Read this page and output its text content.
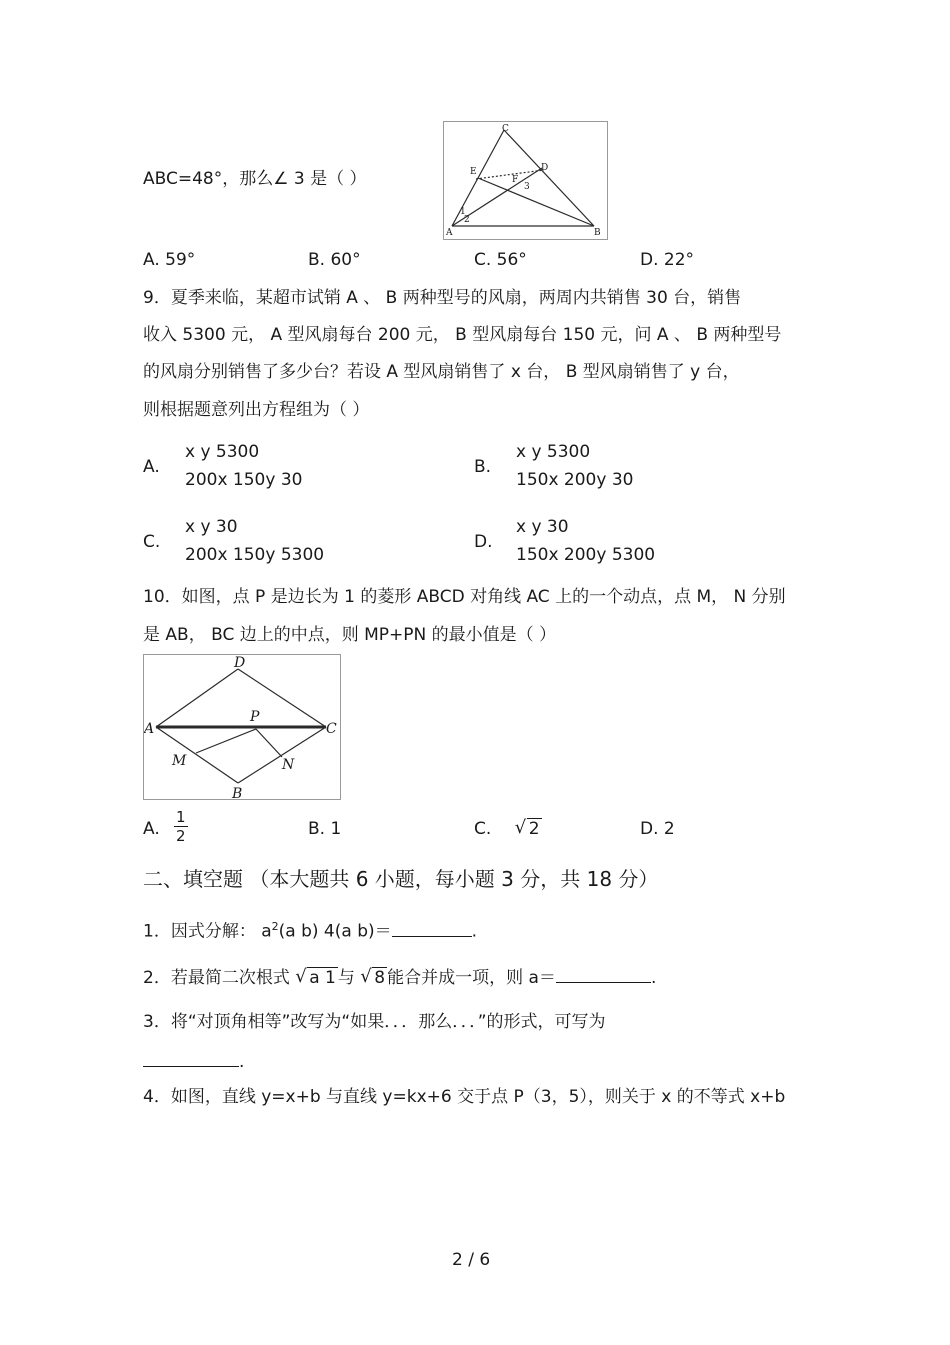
ABC=48°，那么∠ 3 是（ ）
C
E	D
F
3
1
2
A	B
A. 59°	B. 60°	C. 56°	D. 22°
9．夏季来临，某超市试销 A 、 B 两种型号的风扇，两周内共销售 30 台，销售
收入 5300 元， A 型风扇每台 200 元， B 型风扇每台 150 元，问 A 、 B 两种型号
的风扇分别销售了多少台？若设 A 型风扇销售了 x 台， B 型风扇销售了 y 台，
则根据题意列出方程组为（ ）
A.
x y 5300
200x 150y 30
B.
x y 5300
150x 200y 30
C.
x y 30
200x 150y 5300
D.
x y 30
150x 200y 5300
10．如图，点 P 是边长为 1 的菱形 ABCD 对角线 AC 上的一个动点，点 M， N 分别
是 AB， BC 边上的中点，则 MP+PN 的最小值是（ ）
D
A
P
C
M	N
B
A. $\frac{1}{2}$	B. 1	C. √ 2	D. 2
二、填空题 （本大题共 6 小题，每小题 3 分，共 18 分）
1．因式分解： $a^2(a$ b) 4(a b)＝	.
2．若最简二次根式 √ a 1 与 √ 8 能合并成一项，则 a＝	.
3．将“对顶角相等”改写为“如果．．．那么．．．”的形式，可写为
.
4．如图，直线 y=x+b 与直线 y=kx+6 交于点 P（3，5），则关于 x 的不等式 x+b
2 / 6
